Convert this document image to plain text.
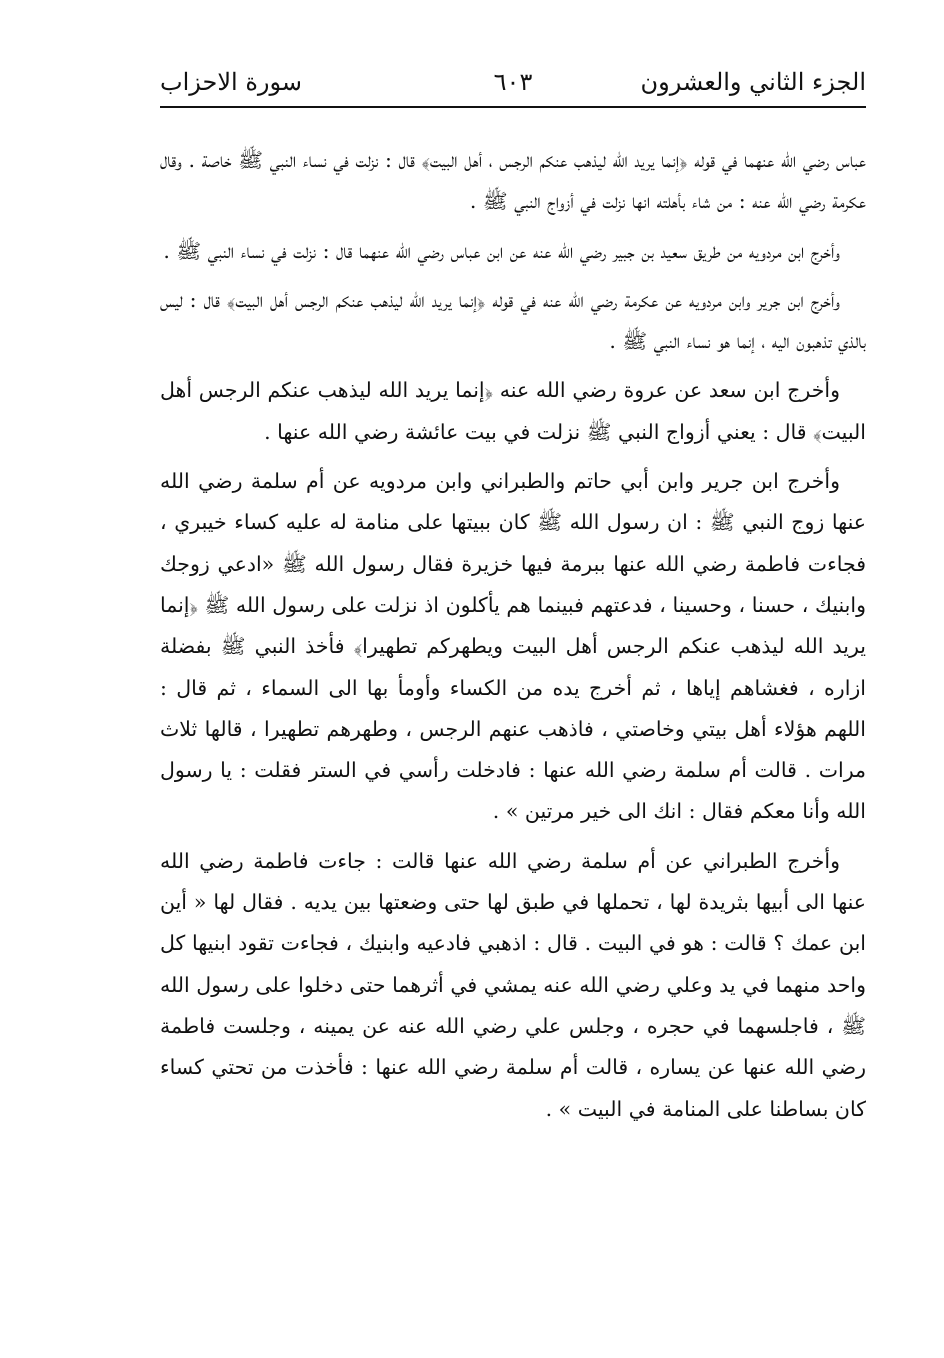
الجزء الثاني والعشرون
٦٠٣
سورة الاحزاب

عباس رضي الله عنهما في قوله ﴿إنما يريد الله ليذهب عنكم الرجس ، أهل البيت﴾ قال : نزلت في نساء النبي ﷺ خاصة . وقال عكرمة رضي الله عنه : من شاء بأهلته انها نزلت في أزواج النبي ﷺ .

وأخرج ابن مردويه من طريق سعيد بن جبير رضي الله عنه عن ابن عباس رضي الله عنهما قال : نزلت في نساء النبي ﷺ .

وأخرج ابن جرير وابن مردويه عن عكرمة رضي الله عنه في قوله ﴿إنما يريد الله ليذهب عنكم الرجس أهل البيت﴾ قال : ليس بالذي تذهبون اليه ، إنما هو نساء النبي ﷺ .

وأخرج ابن سعد عن عروة رضي الله عنه ﴿إنما يريد الله ليذهب عنكم الرجس أهل البيت﴾ قال : يعني أزواج النبي ﷺ نزلت في بيت عائشة رضي الله عنها .

وأخرج ابن جرير وابن أبي حاتم والطبراني وابن مردويه عن أم سلمة رضي الله عنها زوج النبي ﷺ : ان رسول الله ﷺ كان ببيتها على منامة له عليه كساء خيبري ، فجاءت فاطمة رضي الله عنها ببرمة فيها خزيرة فقال رسول الله ﷺ «ادعي زوجك وابنيك ، حسنا ، وحسينا ، فدعتهم فبينما هم يأكلون اذ نزلت على رسول الله ﷺ ﴿إنما يريد الله ليذهب عنكم الرجس أهل البيت ويطهركم تطهيرا﴾ فأخذ النبي ﷺ بفضلة ازاره ، فغشاهم إياها ، ثم أخرج يده من الكساء وأومأ بها الى السماء ، ثم قال : اللهم هؤلاء أهل بيتي وخاصتي ، فاذهب عنهم الرجس ، وطهرهم تطهيرا ، قالها ثلاث مرات . قالت أم سلمة رضي الله عنها : فادخلت رأسي في الستر فقلت : يا رسول الله وأنا معكم فقال : انك الى خير مرتين » .

وأخرج الطبراني عن أم سلمة رضي الله عنها قالت : جاءت فاطمة رضي الله عنها الى أبيها بثريدة لها ، تحملها في طبق لها حتى وضعتها بين يديه . فقال لها « أين ابن عمك ؟ قالت : هو في البيت . قال : اذهبي فادعيه وابنيك ، فجاءت تقود ابنيها كل واحد منهما في يد وعلي رضي الله عنه يمشي في أثرهما حتى دخلوا على رسول الله ﷺ ، فاجلسهما في حجره ، وجلس علي رضي الله عنه عن يمينه ، وجلست فاطمة رضي الله عنها عن يساره ، قالت أم سلمة رضي الله عنها : فأخذت من تحتي كساء كان بساطنا على المنامة في البيت » .
